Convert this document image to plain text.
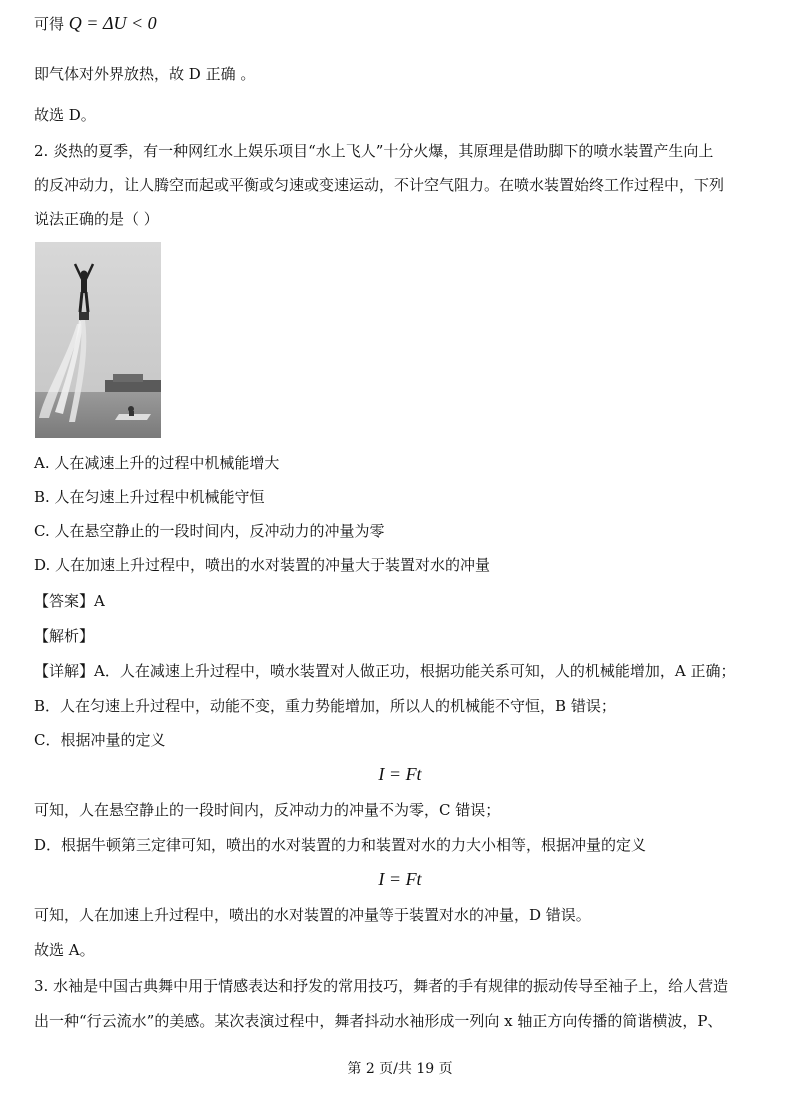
可得 Q = ΔU < 0
即气体对外界放热，故 D 正确 。
故选 D。
2. 炎热的夏季，有一种网红水上娱乐项目“水上飞人”十分火爆，其原理是借助脚下的喷水装置产生向上
的反冲动力，让人腾空而起或平衡或匀速或变速运动，不计空气阻力。在喷水装置始终工作过程中，下列
说法正确的是（ ）
A. 人在减速上升的过程中机械能增大
B. 人在匀速上升过程中机械能守恒
C. 人在悬空静止的一段时间内，反冲动力的冲量为零
D. 人在加速上升过程中，喷出的水对装置的冲量大于装置对水的冲量
【答案】A
【解析】
【详解】A．人在减速上升过程中，喷水装置对人做正功，根据功能关系可知，人的机械能增加，A 正确；
B．人在匀速上升过程中，动能不变，重力势能增加，所以人的机械能不守恒，B 错误；
C．根据冲量的定义
I = Ft
可知，人在悬空静止的一段时间内，反冲动力的冲量不为零，C 错误；
D．根据牛顿第三定律可知，喷出的水对装置的力和装置对水的力大小相等，根据冲量的定义
I = Ft
可知，人在加速上升过程中，喷出的水对装置的冲量等于装置对水的冲量，D 错误。
故选 A。
3. 水袖是中国古典舞中用于情感表达和抒发的常用技巧，舞者的手有规律的振动传导至袖子上，给人营造
出一种“行云流水”的美感。某次表演过程中，舞者抖动水袖形成一列向 x 轴正方向传播的简谐横波，P、
第 2 页/共 19 页
